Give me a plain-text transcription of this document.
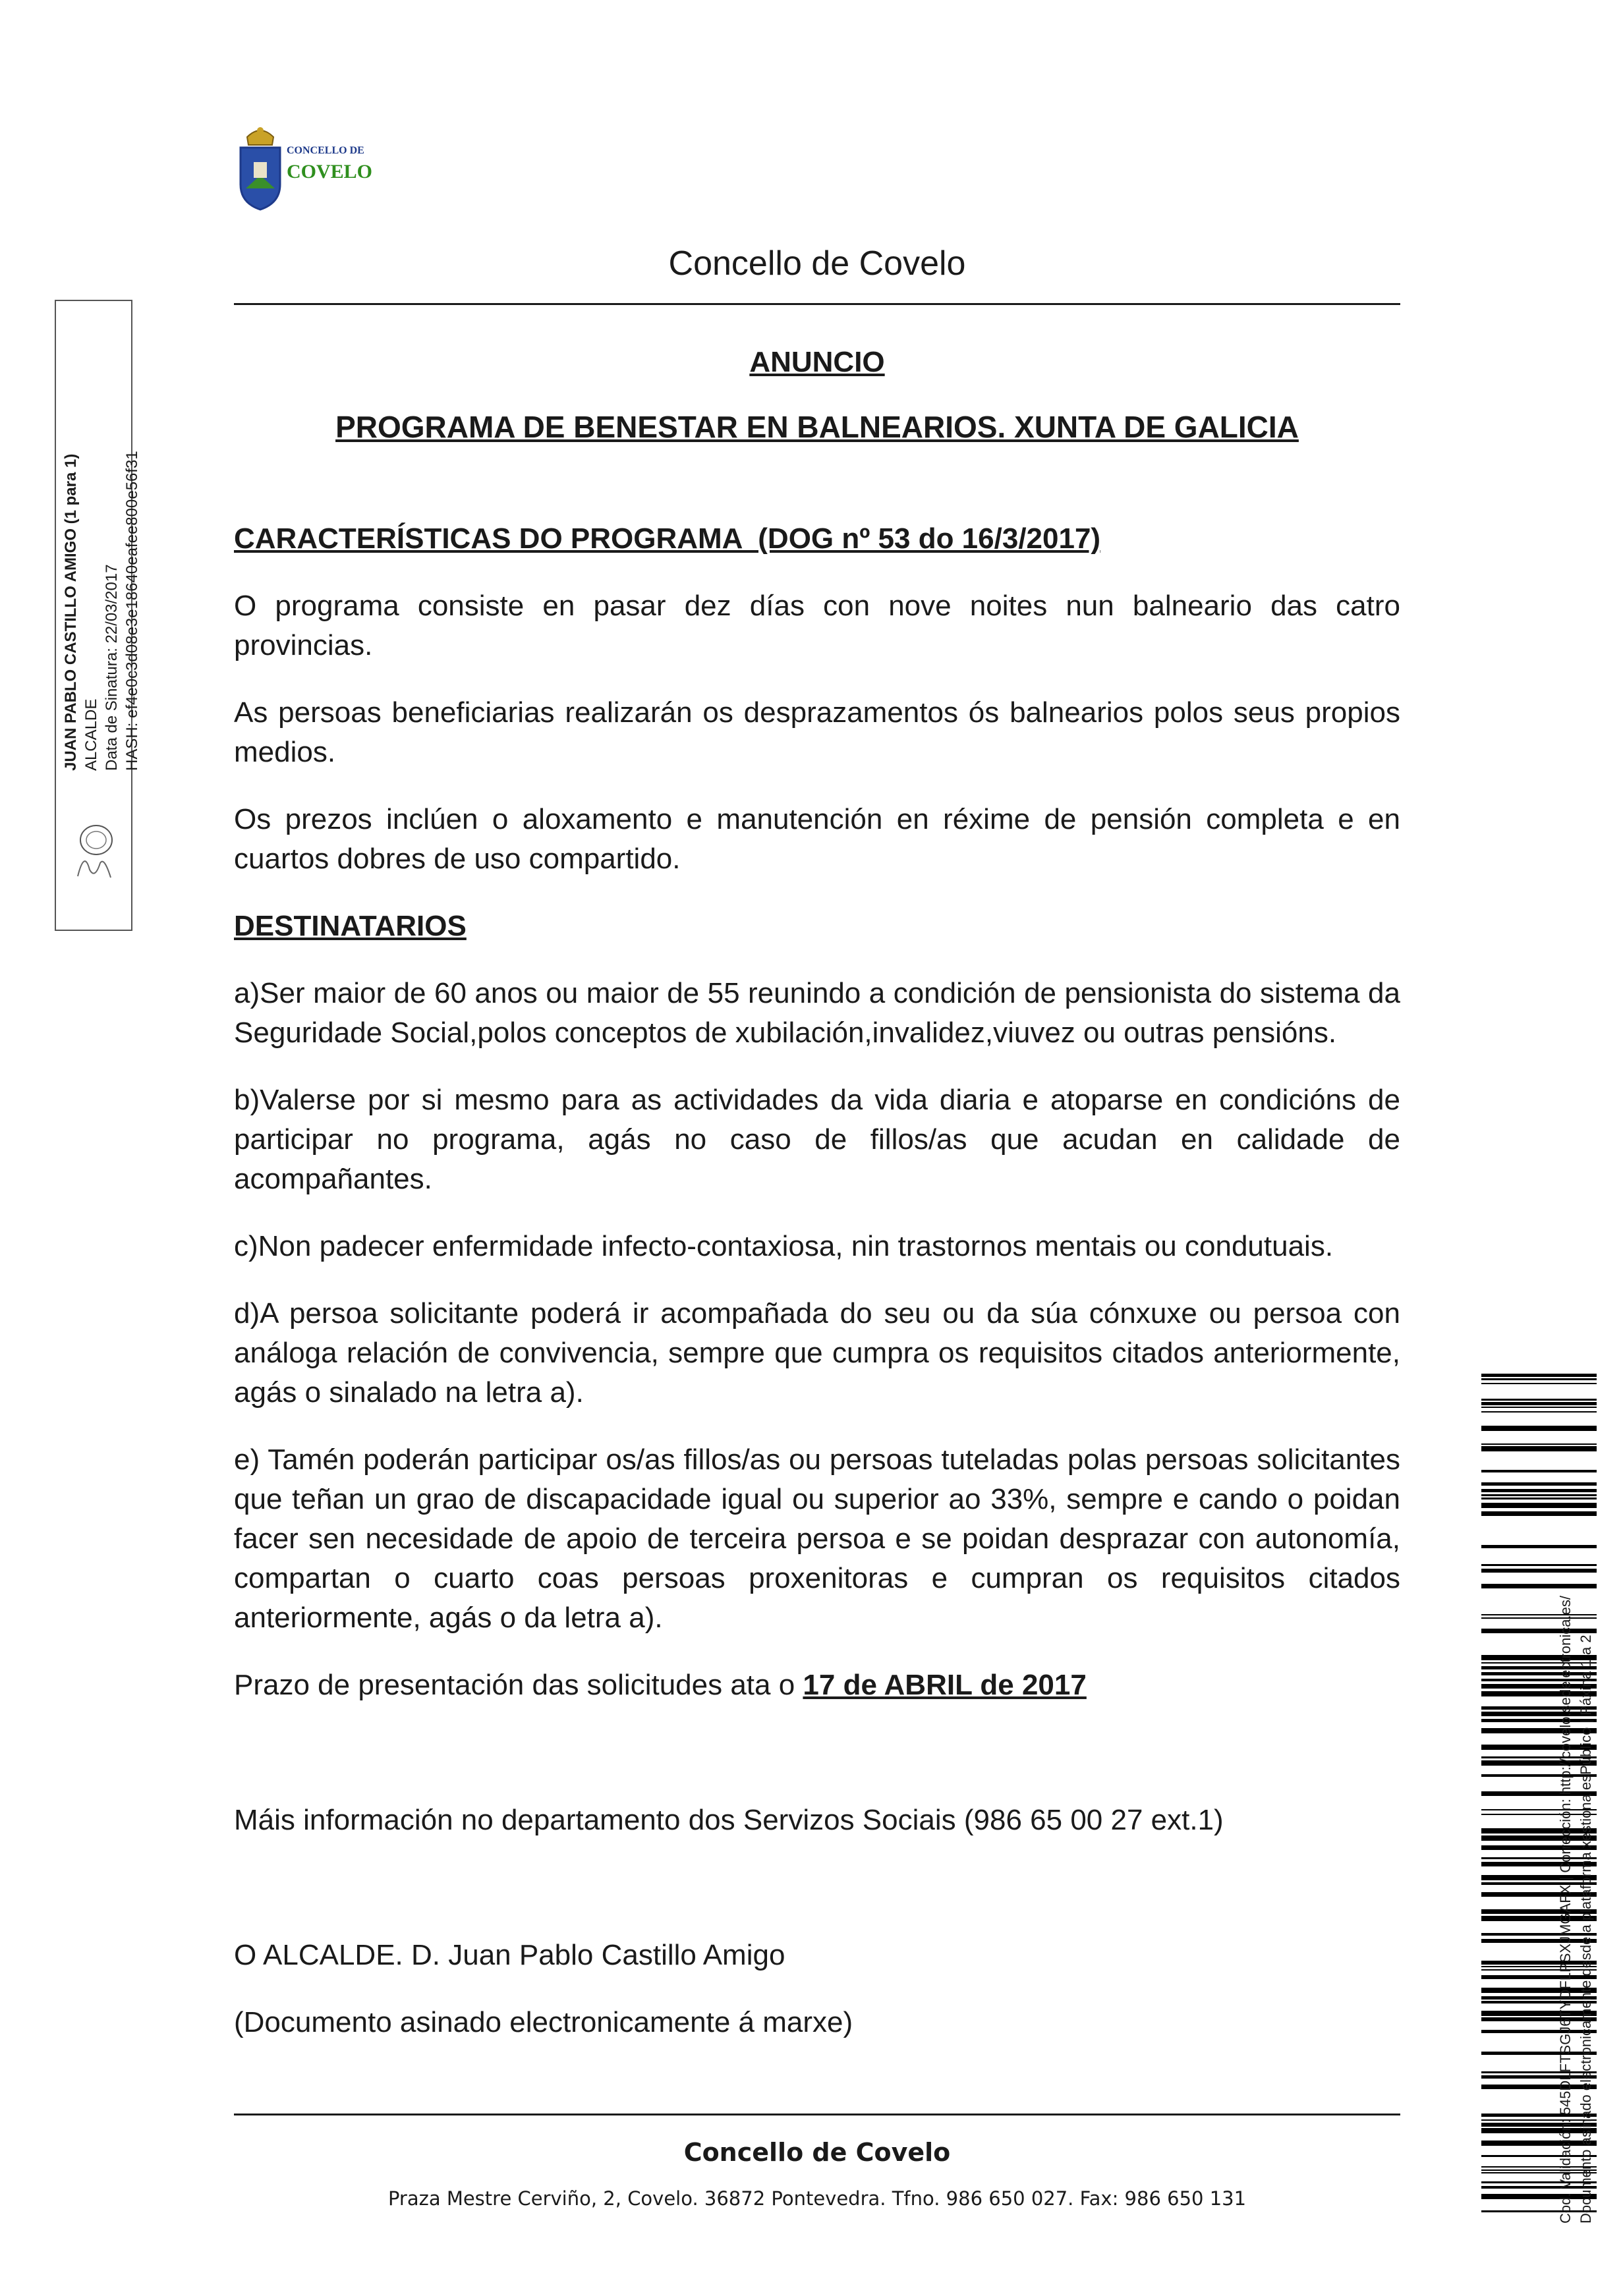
CONCELLO DE
COVELO
Concello de Covelo
ANUNCIO
PROGRAMA DE BENESTAR EN BALNEARIOS. XUNTA DE GALICIA
CARACTERÍSTICAS DO PROGRAMA  (DOG nº 53 do 16/3/2017)

O programa consiste en pasar dez días con nove noites nun balneario das catro provincias.

As persoas beneficiarias realizarán os desprazamentos ós balnearios polos seus propios medios.

Os prezos inclúen o aloxamento e manutención en réxime de pensión completa e en cuartos dobres de uso compartido.

DESTINATARIOS

a)Ser maior de 60 anos ou maior de 55 reunindo a condición de pensionista do sistema da Seguridade Social,polos conceptos de xubilación,invalidez,viuvez ou outras pensións.

b)Valerse por si mesmo para as actividades da vida diaria e atoparse en condicións de participar no programa, agás no caso de fillos/as que acudan en calidade de acompañantes.

c)Non padecer enfermidade infecto-contaxiosa, nin trastornos mentais ou condutuais.

d)A persoa solicitante poderá ir acompañada do seu ou da súa cónxuxe ou persoa con análoga relación de convivencia, sempre que cumpra os requisitos citados anteriormente, agás o sinalado na letra a).

e) Tamén poderán participar os/as fillos/as ou persoas tuteladas polas persoas solicitantes que teñan un grao de discapacidade igual ou superior ao 33%, sempre e cando o poidan facer sen necesidade de apoio de terceira persoa e se poidan desprazar con autonomía, compartan o cuarto coas persoas proxenitoras e cumpran os requisitos citados anteriormente, agás o da letra a).

Prazo de presentación das solicitudes ata o 17 de ABRIL de 2017

Máis información no departamento dos Servizos Sociais (986 65 00 27 ext.1)

O ALCALDE. D. Juan Pablo Castillo Amigo

(Documento asinado electronicamente á marxe)

Concello de Covelo
Praza Mestre Cerviño, 2, Covelo. 36872 Pontevedra. Tfno. 986 650 027. Fax: 986 650 131
JUAN PABLO CASTILLO AMIGO (1 para 1) ALCALDE Data de Sinatura: 22/03/2017 HASH: ef4e0c3d08e3e18640eafee800e56f31
Cod. Validación: 545DLFTSGJ6TYDFLPSXJMGAFX | Corrección: http://covelo.sedelectronica.es/ Documento asinado electronicamente desde a plataforma xestiona esPúblico | Páxina 1 a 2
